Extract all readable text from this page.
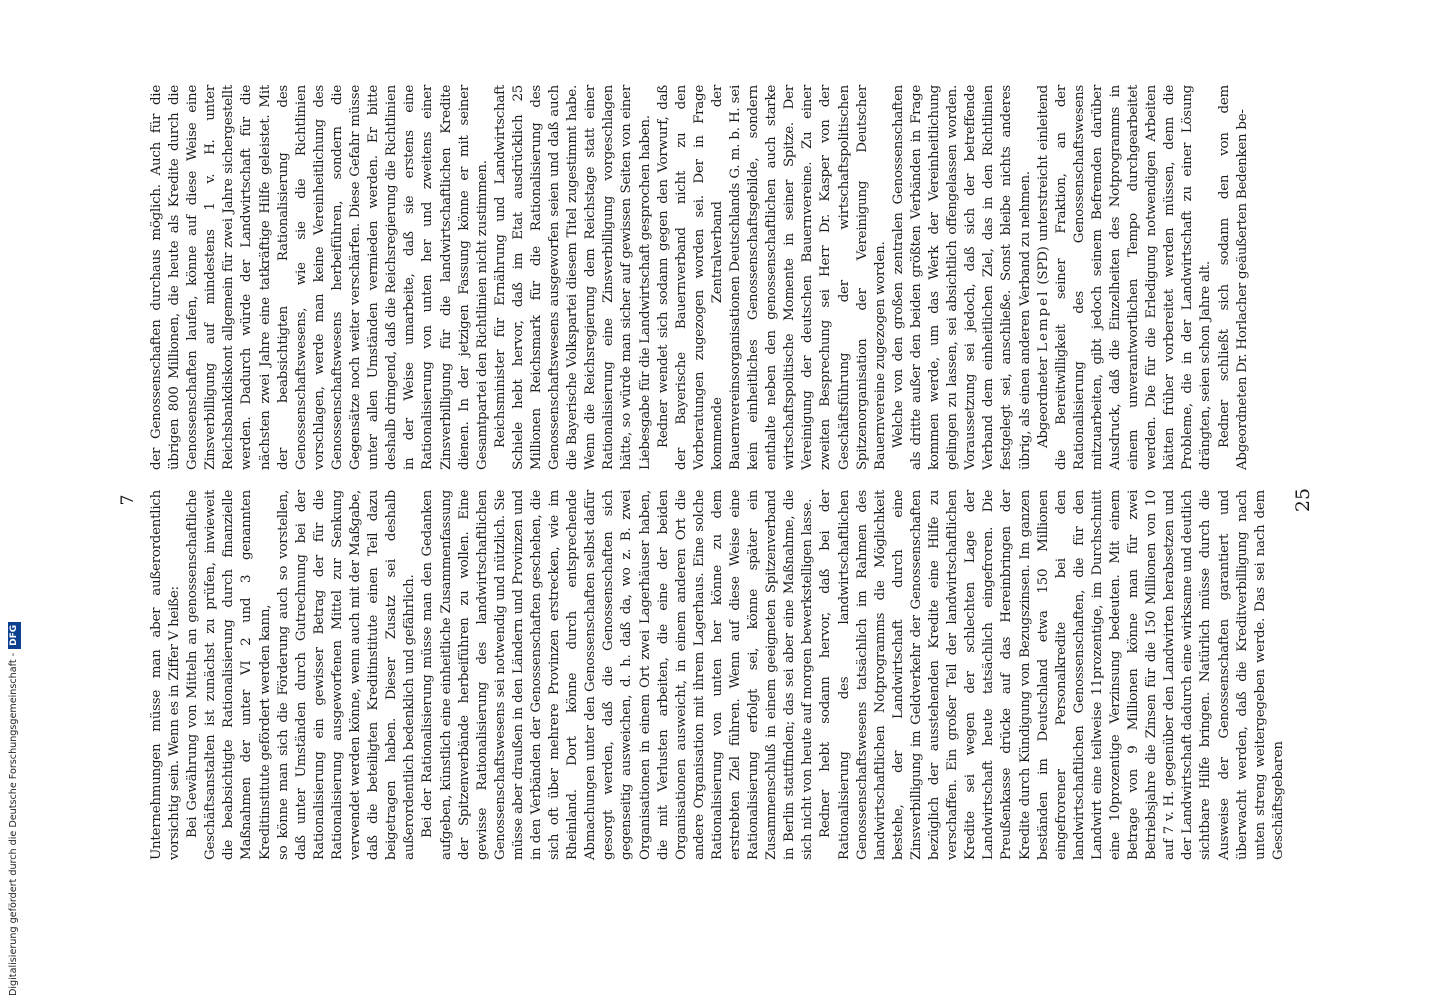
25

Unternehmungen müsse man aber außerordentlich vorsichtig sein. Wenn es in Ziffer V heiße: Bei Gewährung von Mitteln an genossenschaftliche Geschäftsanstalten ist zunächst zu prüfen, inwieweit die beabsichtigte Rationalisierung durch finanzielle Maßnahmen der unter VI 2 und 3 genannten Kreditinstitute gefördert werden kann, so könne man sich die Förderung auch so vorstellen, daß unter Umständen durch Gutrechnung bei der Rationalisierung ein gewisser Betrag der für die Rationalisierung ausgeworfenen Mittel zur Senkung verwendet werden könne, wenn auch mit der Maßgabe, daß die beteiligten Kreditinstitute einen Teil dazu beigetragen haben. Dieser Zusatz sei deshalb außerordentlich bedenklich und gefährlich. Bei der Rationalisierung müsse man den Gedanken aufgeben, künstlich eine einheitliche Zusammenfassung der Spitzenverbände herbeiführen zu wollen. Eine gewisse Rationalisierung des landwirtschaftlichen Genossenschaftswesens sei notwendig und nützlich. Sie müsse aber draußen in den Ländern und Provinzen und in den Verbänden der Genossenschaften geschehen, die sich oft über mehrere Provinzen erstrecken, wie im Rheinland. Dort könne durch entsprechende Abmachungen unter den Genossenschaften selbst dafür gesorgt werden, daß die Genossenschaften sich gegenseitig ausweichen, d. h. daß da, wo z. B. zwei Organisationen in einem Ort zwei Lagerhäuser haben, die mit Verlusten arbeiten, die eine der beiden Organisationen ausweicht, in einem anderen Ort die andere Organisation mit ihrem Lagerhaus. Eine solche Rationalisierung von unten her könne zu dem erstrebten Ziel führen. Wenn auf diese Weise eine Rationalisierung erfolgt sei, könne später ein Zusammenschluß in einem geeigneten Spitzenverband in Berlin stattfinden; das sei aber eine Maßnahme, die sich nicht von heute auf morgen bewerkstelligen lasse. Redner hebt sodann hervor, daß bei der Rationalisierung des landwirtschaftlichen Genossenschaftswesens tatsächlich im Rahmen des landwirtschaftlichen Notprogramms die Möglichkeit bestehe, der Landwirtschaft durch eine Zinsverbilligung im Geldverkehr der Genossenschaften bezüglich der ausstehenden Kredite eine Hilfe zu verschaffen. Ein großer Teil der landwirtschaftlichen Kredite sei wegen der schlechten Lage der Landwirtschaft heute tatsächlich eingefroren. Die Preußenkasse drücke auf das Hereinbringen der Kredite durch Kündigung von Bezugszinsen. Im ganzen beständen im Deutschland etwa 150 Millionen eingefrorener Personalkredite bei den landwirtschaftlichen Genossenschaften, die für den Landwirt eine teilweise 11prozentige, im Durchschnitt eine 10prozentige Verzinsung bedeuten. Mit einem Betrage von 9 Millionen könne man für zwei Betriebsjahre die Zinsen für die 150 Millionen von 10 auf 7 v. H. gegenüber den Landwirten herabsetzen und der Landwirtschaft dadurch eine wirksame und deutlich sichtbare Hilfe bringen. Natürlich müsse durch die Ausweise der Genossenschaften garantiert und überwacht werden, daß die Kreditverbilligung nach unten streng weitergegeben werde. Das sei nach dem Geschäftsgebaren

der Genossenschaften durchaus möglich. Auch für die übrigen 800 Millionen, die heute als Kredite durch die Genossenschaften laufen, könne auf diese Weise eine Zinsverbilligung auf mindestens 1 v. H. unter Reichsbankdiskont allgemein für zwei Jahre sichergestellt werden. Dadurch würde der Landwirtschaft für die nächsten zwei Jahre eine tatkräftige Hilfe geleistet. Mit der beabsichtigten Rationalisierung des Genossenschaftswesens, wie sie die Richtlinien vorschlagen, werde man keine Vereinheitlichung des Genossenschaftswesens herbeiführen, sondern die Gegensätze noch weiter verschärfen. Diese Gefahr müsse unter allen Umständen vermieden werden. Er bitte deshalb dringend, daß die Reichsregierung die Richtlinien in der Weise umarbeite, daß sie erstens eine Rationalisierung von unten her und zweitens einer Zinsverbilligung für die landwirtschaftlichen Kredite dienen. In der jetzigen Fassung könne er mit seiner Gesamtpartei den Richtlinien nicht zustimmen. Reichsminister für Ernährung und Landwirtschaft Schiele hebt hervor, daß im Etat ausdrücklich 25 Millionen Reichsmark für die Rationalisierung des Genossenschaftswesens ausgeworfen seien und daß auch die Bayerische Volkspartei diesem Titel zugestimmt habe. Wenn die Reichsregierung dem Reichstage statt einer Rationalisierung eine Zinsverbilligung vorgeschlagen hätte, so würde man sicher auf gewissen Seiten von einer Liebesgabe für die Landwirtschaft gesprochen haben. Redner wendet sich sodann gegen den Vorwurf, daß der Bayerische Bauernverband nicht zu den Vorberatungen zugezogen worden sei. Der in Frage kommende Zentralverband der Bauernvereinsorganisationen Deutschlands G. m. b. H. sei kein einheitliches Genossenschaftsgebilde, sondern enthalte neben den genossenschaftlichen auch starke wirtschaftspolitische Momente in seiner Spitze. Der Vereinigung der deutschen Bauernvereine. Zu einer zweiten Besprechung sei Herr Dr. Kasper von der Geschäftsführung der wirtschaftspolitischen Spitzenorganisation der Vereinigung Deutscher Bauernvereine zugezogen worden. Welche von den großen zentralen Genossenschaften als dritte außer den beiden größten Verbänden in Frage kommen werde, um das Werk der Vereinheitlichung gelingen zu lassen, sei absichtlich offengelassen worden. Voraussetzung sei jedoch, daß sich der betreffende Verband dem einheitlichen Ziel, das in den Richtlinien festgelegt sei, anschließe. Sonst bleibe nichts anderes übrig, als einen anderen Verband zu nehmen. Abgeordneter Lempel (SPD) unterstreicht einleitend die Bereitwilligkeit seiner Fraktion, an der Rationalisierung des Genossenschaftswesens mitzuarbeiten, gibt jedoch seinem Befremden darüber Ausdruck, daß die Einzelheiten des Notprogramms in einem unverantwortlichen Tempo durchgearbeitet werden. Die für die Erledigung notwendigen Arbeiten hätten früher vorbereitet werden müssen, denn die Probleme, die in der Landwirtschaft zu einer Lösung drängten, seien schon Jahre alt. Redner schließt sich sodann den von dem Abgeordneten Dr. Horlacher geäußerten Bedenken be-

7
Digitalisierung gefördert durch die Deutsche Forschungsgemeinschaft -DFG
